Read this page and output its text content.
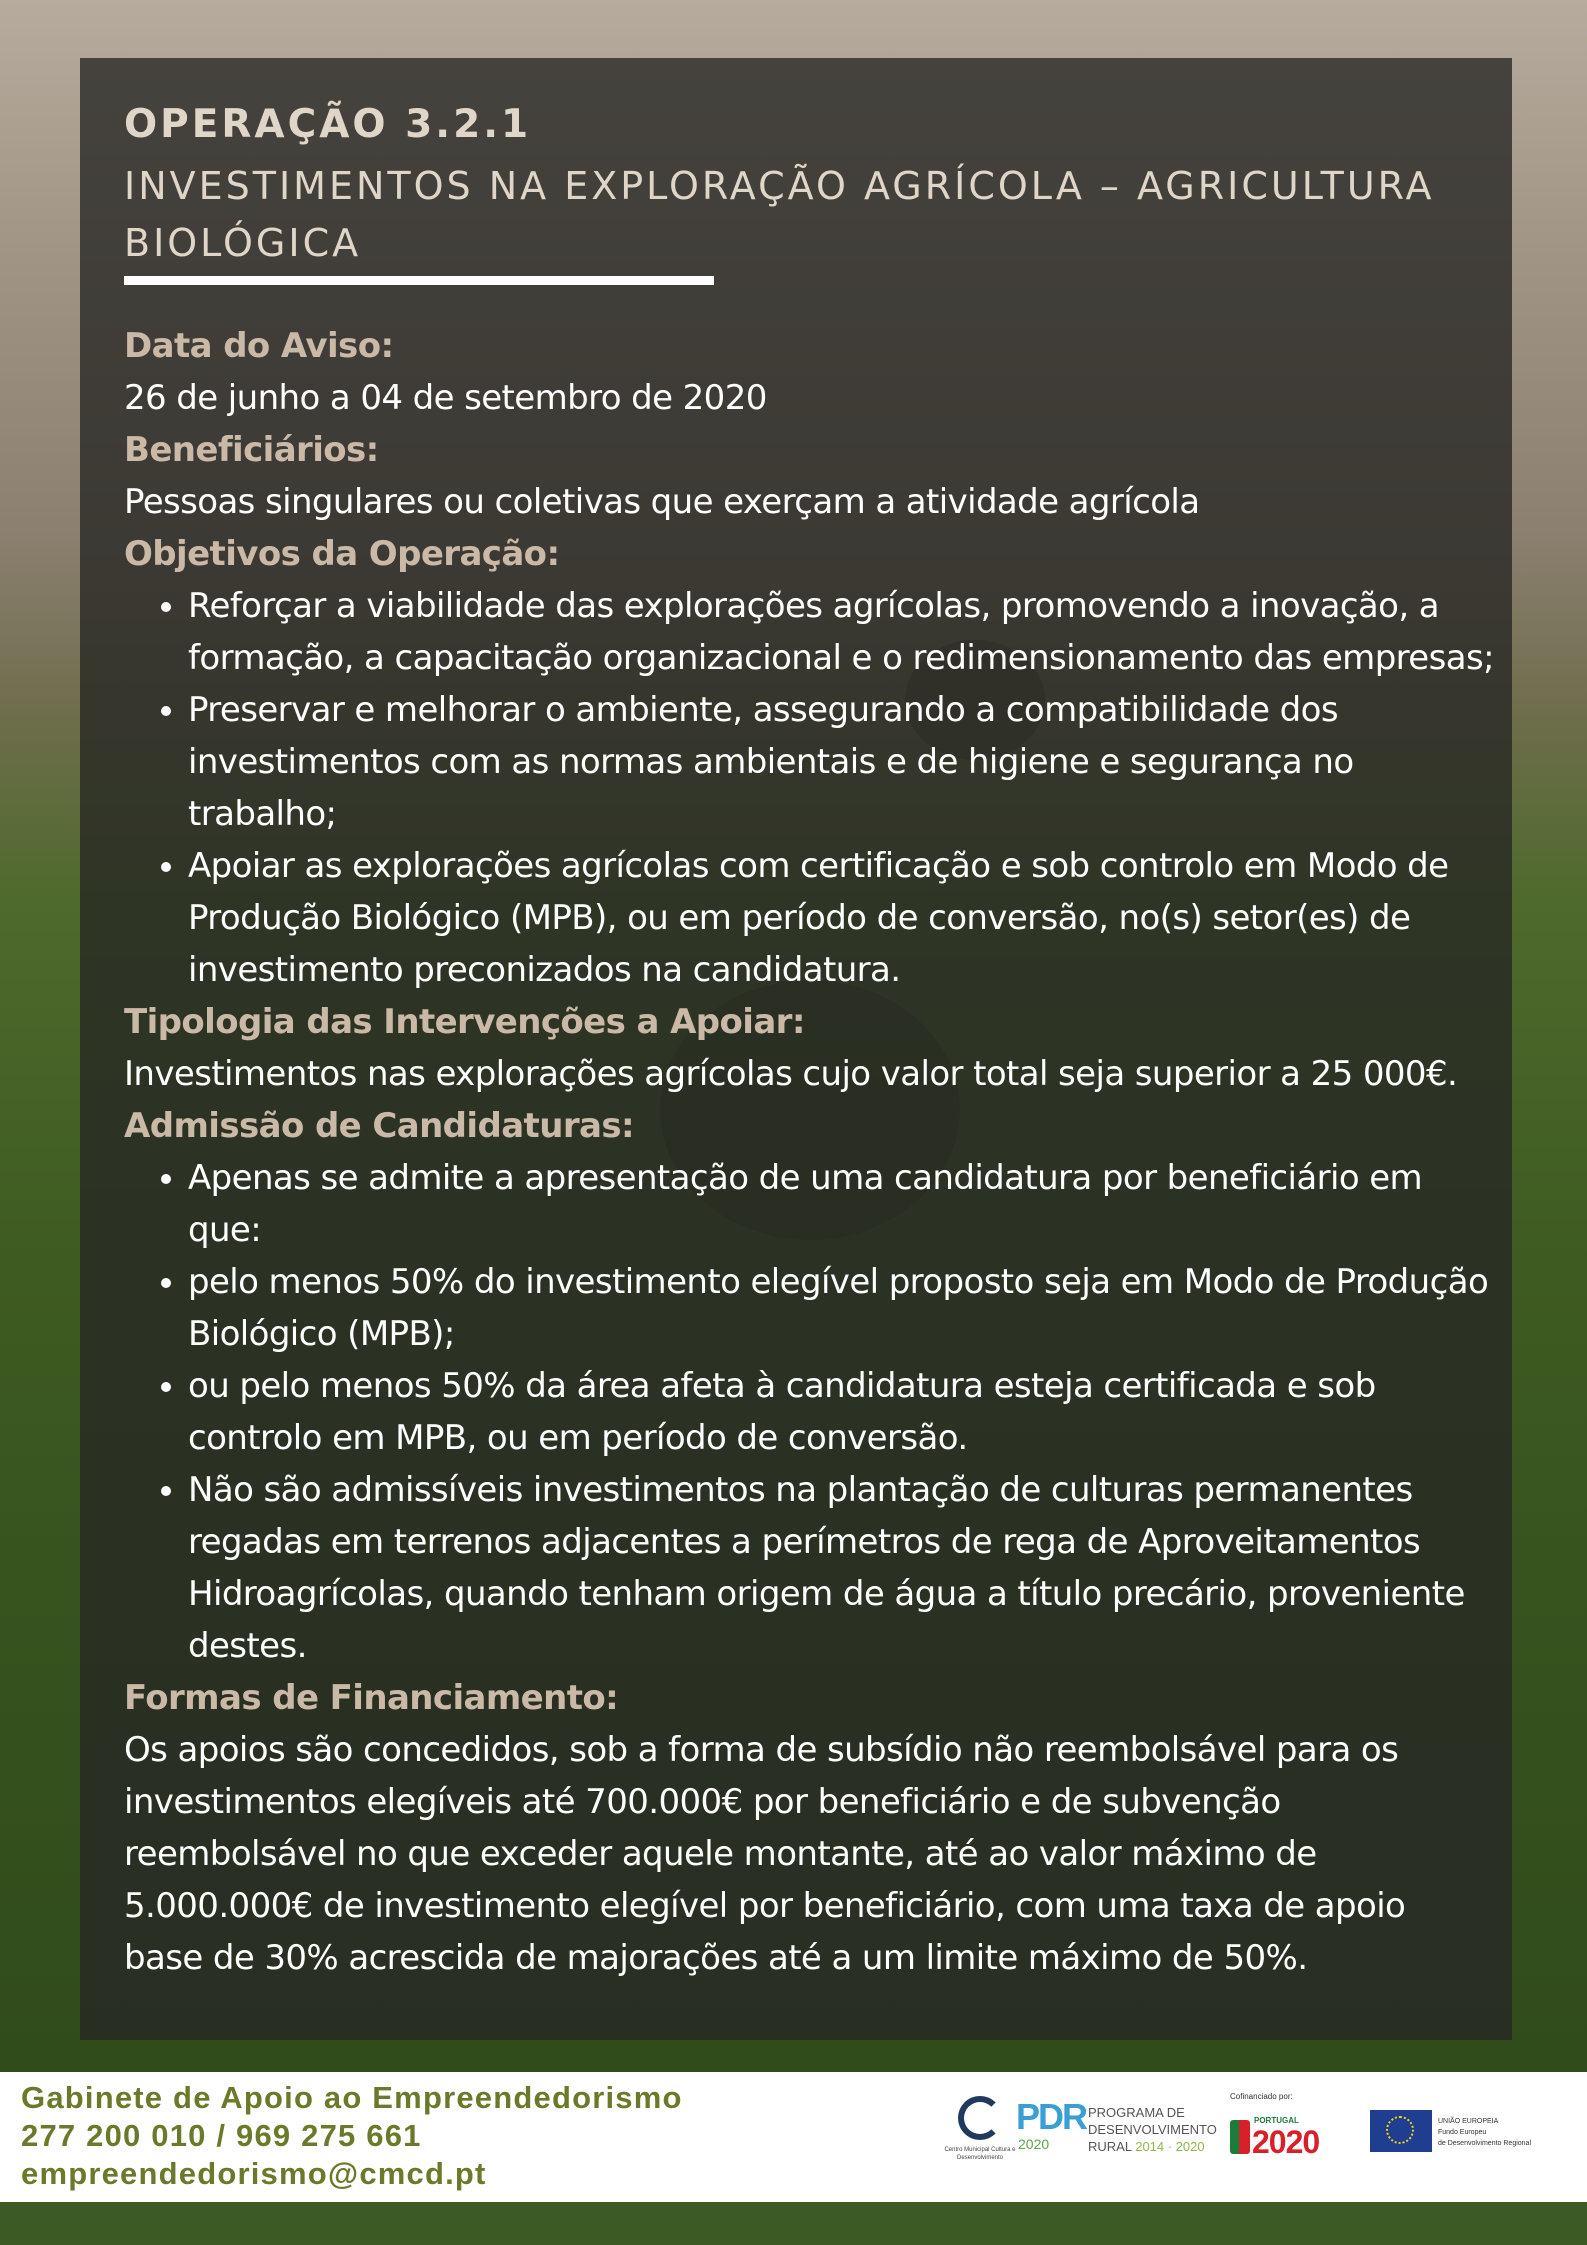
OPERAÇÃO 3.2.1
INVESTIMENTOS NA EXPLORAÇÃO AGRÍCOLA – AGRICULTURA BIOLÓGICA

Data do Aviso:

26 de junho a 04 de setembro de 2020

Beneficiários:

Pessoas singulares ou coletivas que exerçam a atividade agrícola

Objetivos da Operação:

• Reforçar a viabilidade das explorações agrícolas, promovendo a inovação, a formação, a capacitação organizacional e o redimensionamento das empresas;
• Preservar e melhorar o ambiente, assegurando a compatibilidade dos investimentos com as normas ambientais e de higiene e segurança no trabalho;
• Apoiar as explorações agrícolas com certificação e sob controlo em Modo de Produção Biológico (MPB), ou em período de conversão, no(s) setor(es) de investimento preconizados na candidatura.

Tipologia das Intervenções a Apoiar:

Investimentos nas explorações agrícolas cujo valor total seja superior a 25 000€.

Admissão de Candidaturas:

• Apenas se admite a apresentação de uma candidatura por beneficiário em que:
• pelo menos 50% do investimento elegível proposto seja em Modo de Produção Biológico (MPB);
• ou pelo menos 50% da área afeta à candidatura esteja certificada e sob controlo em MPB, ou em período de conversão.
• Não são admissíveis investimentos na plantação de culturas permanentes regadas em terrenos adjacentes a perímetros de rega de Aproveitamentos Hidroagrícolas, quando tenham origem de água a título precário, proveniente destes.

Formas de Financiamento:

Os apoios são concedidos, sob a forma de subsídio não reembolsável para os investimentos elegíveis até 700.000€ por beneficiário e de subvenção reembolsável no que exceder aquele montante, até ao valor máximo de 5.000.000€ de investimento elegível por beneficiário, com uma taxa de apoio base de 30% acrescida de majorações até a um limite máximo de 50%.

Gabinete de Apoio ao Empreendedorismo
277 200 010 / 969 275 661
empreendedorismo@cmcd.pt
Centro Municipal Cultura e Desenvolvimento
PDR
2020
PROGRAMA DE
DESENVOLVIMENTO
RURAL 2014 · 2020
Cofinanciado por:
PORTUGAL
2020
UNIÃO EUROPEIA
Fundo Europeu
de Desenvolvimento Regional
